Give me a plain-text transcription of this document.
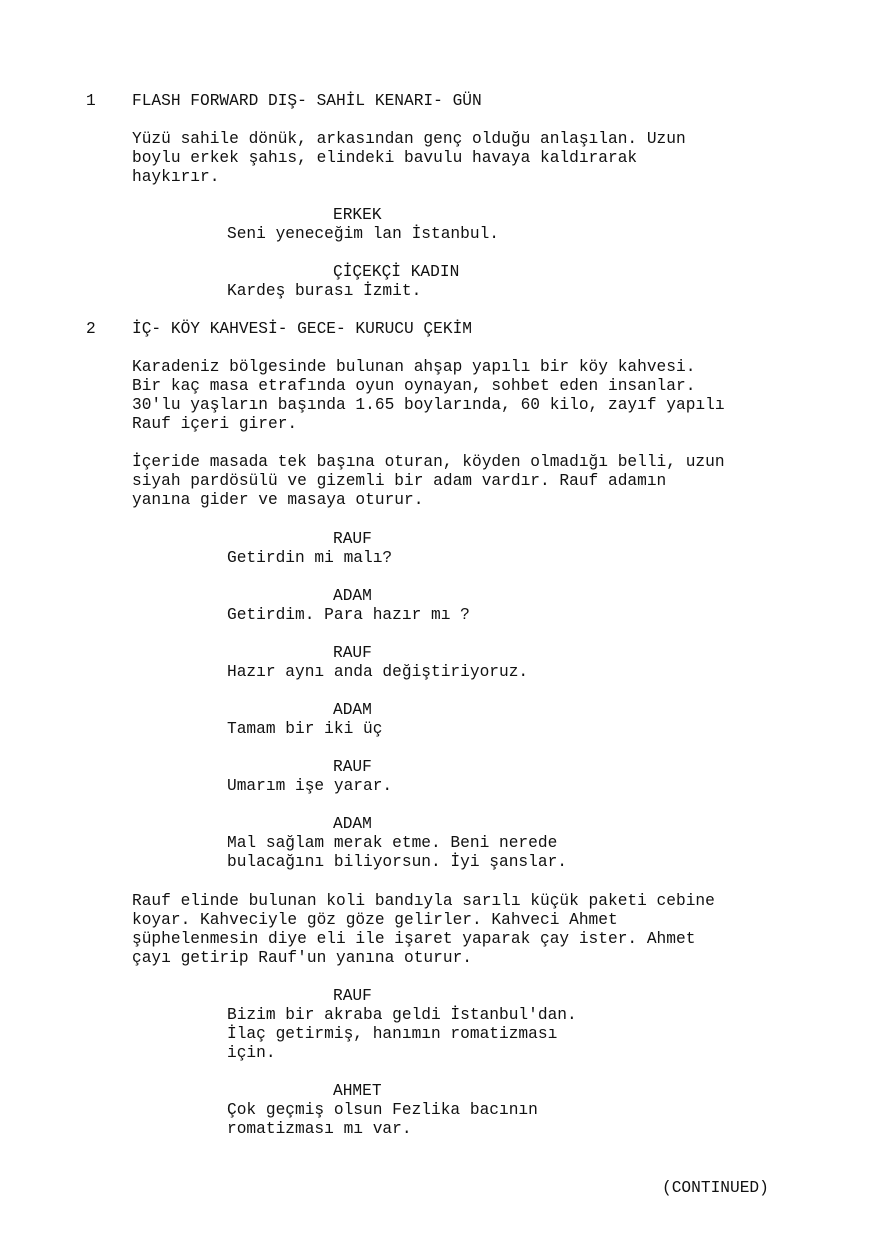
1 FLASH FORWARD DIŞ- SAHİL KENARI- GÜN
Yüzü sahile dönük, arkasından genç olduğu anlaşılan. Uzun
boylu erkek şahıs, elindeki bavulu havaya kaldırarak
haykırır.
ERKEK
Seni yeneceğim lan İstanbul.
ÇİÇEKÇİ KADIN
Kardeş burası İzmit.
2 İÇ- KÖY KAHVESİ- GECE- KURUCU ÇEKİM
Karadeniz bölgesinde bulunan ahşap yapılı bir köy kahvesi.
Bir kaç masa etrafında oyun oynayan, sohbet eden insanlar.
30'lu yaşların başında 1.65 boylarında, 60 kilo, zayıf yapılı
Rauf içeri girer.
İçeride masada tek başına oturan, köyden olmadığı belli, uzun
siyah pardösülü ve gizemli bir adam vardır. Rauf adamın
yanına gider ve masaya oturur.
RAUF
Getirdin mi malı?
ADAM
Getirdim. Para hazır mı ?
RAUF
Hazır aynı anda değiştiriyoruz.
ADAM
Tamam bir iki üç
RAUF
Umarım işe yarar.
ADAM
Mal sağlam merak etme. Beni nerede
bulacağını biliyorsun. İyi şanslar.
Rauf elinde bulunan koli bandıyla sarılı küçük paketi cebine
koyar. Kahveciyle göz göze gelirler. Kahveci Ahmet
şüphelenmesin diye eli ile işaret yaparak çay ister. Ahmet
çayı getirip Rauf'un yanına oturur.
RAUF
Bizim bir akraba geldi İstanbul'dan.
İlaç getirmiş, hanımın romatizması
için.
AHMET
Çok geçmiş olsun Fezlika bacının
romatizması mı var.
(CONTINUED)
